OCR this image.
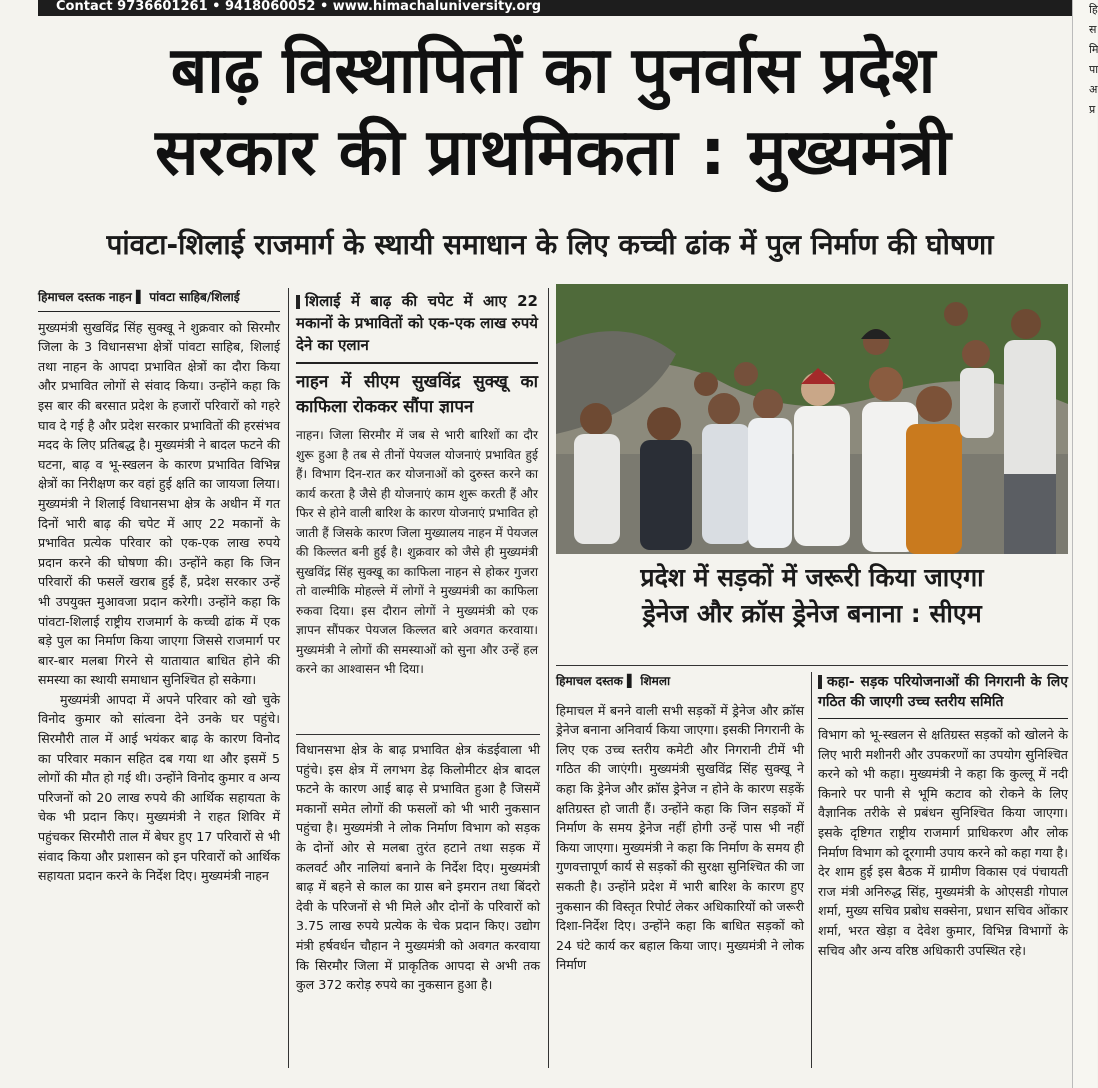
Contact 9736601261 • 9418060052 • www.himachaluniversity.org
बाढ़ विस्थापितों का पुनर्वास प्रदेश
सरकार की प्राथमिकता : मुख्यमंत्री
पांवटा-शिलाई राजमार्ग के स्थायी समाधान के लिए कच्ची ढांक में पुल निर्माण की घोषणा
हिमाचल दस्तक नाहन ▌ पांवटा साहिब/शिलाई

मुख्यमंत्री सुखविंद्र सिंह सुक्खू ने शुक्रवार को सिरमौर जिला के 3 विधानसभा क्षेत्रों पांवटा साहिब, शिलाई तथा नाहन के आपदा प्रभावित क्षेत्रों का दौरा किया और प्रभावित लोगों से संवाद किया। उन्होंने कहा कि इस बार की बरसात प्रदेश के हजारों परिवारों को गहरे घाव दे गई है और प्रदेश सरकार प्रभावितों की हरसंभव मदद के लिए प्रतिबद्ध है। मुख्यमंत्री ने बादल फटने की घटना, बाढ़ व भू-स्खलन के कारण प्रभावित विभिन्न क्षेत्रों का निरीक्षण कर वहां हुई क्षति का जायजा लिया। मुख्यमंत्री ने शिलाई विधानसभा क्षेत्र के अधीन में गत दिनों भारी बाढ़ की चपेट में आए 22 मकानों के प्रभावित प्रत्येक परिवार को एक-एक लाख रुपये प्रदान करने की घोषणा की। उन्होंने कहा कि जिन परिवारों की फसलें खराब हुई हैं, प्रदेश सरकार उन्हें भी उपयुक्त मुआवजा प्रदान करेगी। उन्होंने कहा कि पांवटा-शिलाई राष्ट्रीय राजमार्ग के कच्ची ढांक में एक बड़े पुल का निर्माण किया जाएगा जिससे राजमार्ग पर बार-बार मलबा गिरने से यातायात बाधित होने की समस्या का स्थायी समाधान सुनिश्चित हो सकेगा।

मुख्यमंत्री आपदा में अपने परिवार को खो चुके विनोद कुमार को सांत्वना देने उनके घर पहुंचे। सिरमौरी ताल में आई भयंकर बाढ़ के कारण विनोद का परिवार मकान सहित दब गया था और इसमें 5 लोगों की मौत हो गई थी। उन्होंने विनोद कुमार व अन्य परिजनों को 20 लाख रुपये की आर्थिक सहायता के चेक भी प्रदान किए। मुख्यमंत्री ने राहत शिविर में पहुंचकर सिरमौरी ताल में बेघर हुए 17 परिवारों से भी संवाद किया और प्रशासन को इन परिवारों को आर्थिक सहायता प्रदान करने के निर्देश दिए। मुख्यमंत्री नाहन

शिलाई में बाढ़ की चपेट में आए 22 मकानों के प्रभावितों को एक-एक लाख रुपये देने का एलान
नाहन में सीएम सुखविंद्र सुक्खू का काफिला रोककर सौंपा ज्ञापन

नाहन। जिला सिरमौर में जब से भारी बारिशों का दौर शुरू हुआ है तब से तीनों पेयजल योजनाएं प्रभावित हुई हैं। विभाग दिन-रात कर योजनाओं को दुरुस्त करने का कार्य करता है जैसे ही योजनाएं काम शुरू करती हैं और फिर से होने वाली बारिश के कारण योजनाएं प्रभावित हो जाती हैं जिसके कारण जिला मुख्यालय नाहन में पेयजल की किल्लत बनी हुई है। शुक्रवार को जैसे ही मुख्यमंत्री सुखविंद्र सिंह सुक्खू का काफिला नाहन से होकर गुजरा तो वाल्मीकि मोहल्ले में लोगों ने मुख्यमंत्री का काफिला रुकवा दिया। इस दौरान लोगों ने मुख्यमंत्री को एक ज्ञापन सौंपकर पेयजल किल्लत बारे अवगत करवाया। मुख्यमंत्री ने लोगों की समस्याओं को सुना और उन्हें हल करने का आश्वासन भी दिया।

विधानसभा क्षेत्र के बाढ़ प्रभावित क्षेत्र कंडईवाला भी पहुंचे। इस क्षेत्र में लगभग डेढ़ किलोमीटर क्षेत्र बादल फटने के कारण आई बाढ़ से प्रभावित हुआ है जिसमें मकानों समेत लोगों की फसलों को भी भारी नुकसान पहुंचा है। मुख्यमंत्री ने लोक निर्माण विभाग को सड़क के दोनों ओर से मलबा तुरंत हटाने तथा सड़क में कलवर्ट और नालियां बनाने के निर्देश दिए। मुख्यमंत्री बाढ़ में बहने से काल का ग्रास बने इमरान तथा बिंदरो देवी के परिजनों से भी मिले और दोनों के परिवारों को 3.75 लाख रुपये प्रत्येक के चेक प्रदान किए। उद्योग मंत्री हर्षवर्धन चौहान ने मुख्यमंत्री को अवगत करवाया कि सिरमौर जिला में प्राकृतिक आपदा से अभी तक कुल 372 करोड़ रुपये का नुकसान हुआ है।

प्रदेश में सड़कों में जरूरी किया जाएगा
ड्रेनेज और क्रॉस ड्रेनेज बनाना : सीएम
हिमाचल दस्तक ▌ शिमला

हिमाचल में बनने वाली सभी सड़कों में ड्रेनेज और क्रॉस ड्रेनेज बनाना अनिवार्य किया जाएगा। इसकी निगरानी के लिए एक उच्च स्तरीय कमेटी और निगरानी टीमें भी गठित की जाएंगी। मुख्यमंत्री सुखविंद्र सिंह सुक्खू ने कहा कि ड्रेनेज और क्रॉस ड्रेनेज न होने के कारण सड़कें क्षतिग्रस्त हो जाती हैं। उन्होंने कहा कि जिन सड़कों में निर्माण के समय ड्रेनेज नहीं होगी उन्हें पास भी नहीं किया जाएगा। मुख्यमंत्री ने कहा कि निर्माण के समय ही गुणवत्तापूर्ण कार्य से सड़कों की सुरक्षा सुनिश्चित की जा सकती है। उन्होंने प्रदेश में भारी बारिश के कारण हुए नुकसान की विस्तृत रिपोर्ट लेकर अधिकारियों को जरूरी दिशा-निर्देश दिए। उन्होंने कहा कि बाधित सड़कों को 24 घंटे कार्य कर बहाल किया जाए। मुख्यमंत्री ने लोक निर्माण

कहा- सड़क परियोजनाओं की निगरानी के लिए गठित की जाएगी उच्च स्तरीय समिति

विभाग को भू-स्खलन से क्षतिग्रस्त सड़कों को खोलने के लिए भारी मशीनरी और उपकरणों का उपयोग सुनिश्चित करने को भी कहा। मुख्यमंत्री ने कहा कि कुल्लू में नदी किनारे पर पानी से भूमि कटाव को रोकने के लिए वैज्ञानिक तरीके से प्रबंधन सुनिश्चित किया जाएगा। इसके दृष्टिगत राष्ट्रीय राजमार्ग प्राधिकरण और लोक निर्माण विभाग को दूरगामी उपाय करने को कहा गया है। देर शाम हुई इस बैठक में ग्रामीण विकास एवं पंचायती राज मंत्री अनिरुद्ध सिंह, मुख्यमंत्री के ओएसडी गोपाल शर्मा, मुख्य सचिव प्रबोध सक्सेना, प्रधान सचिव ओंकार शर्मा, भरत खेड़ा व देवेश कुमार, विभिन्न विभागों के सचिव और अन्य वरिष्ठ अधिकारी उपस्थित रहे।

हि
स
मि
पा
अ
प्र
